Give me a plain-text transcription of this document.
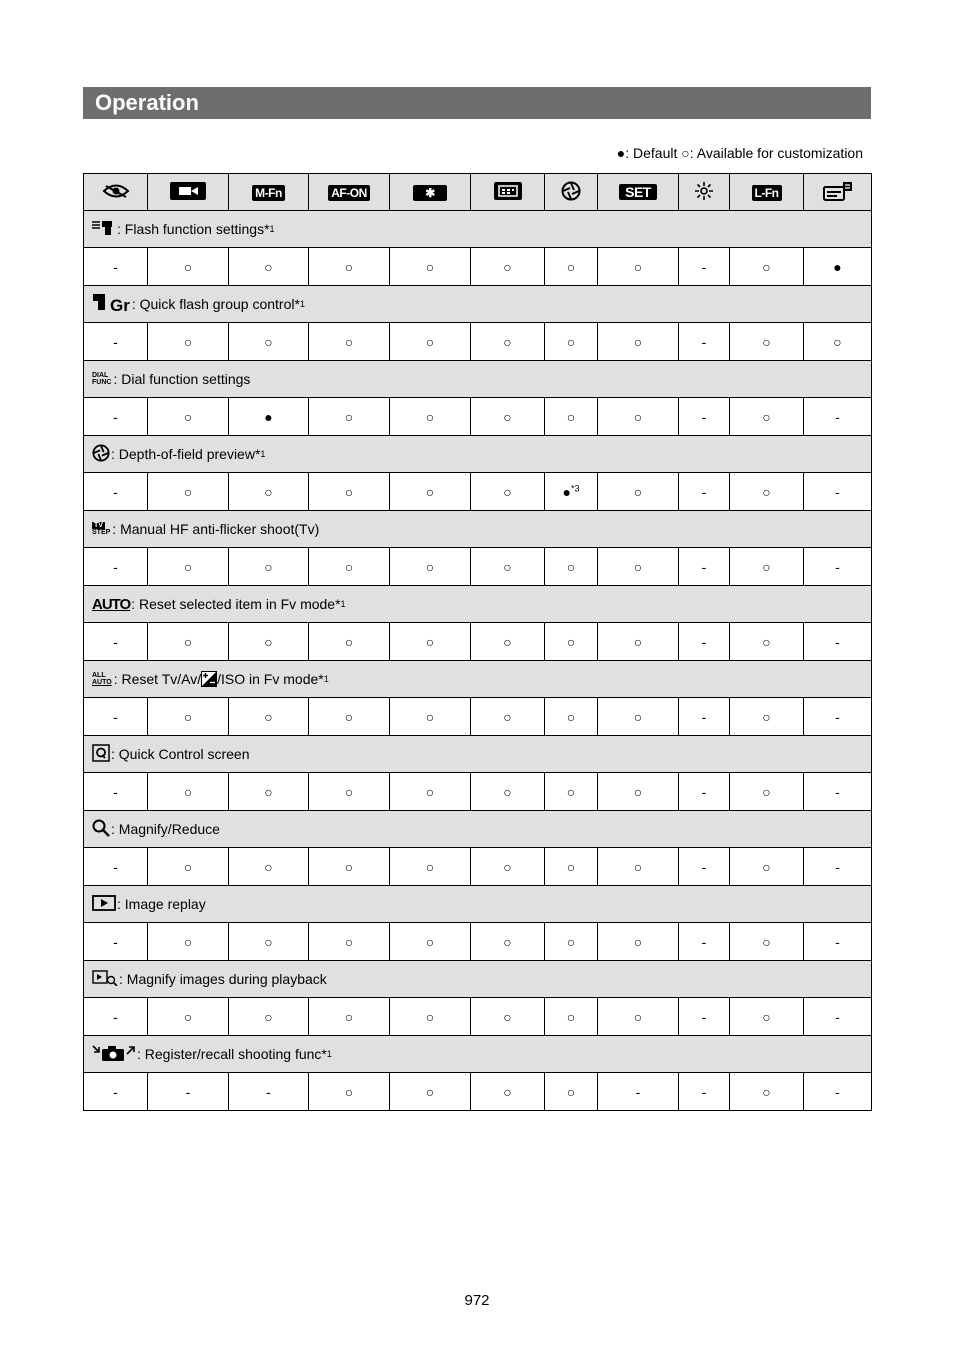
Operation
●: Default ○: Available for customization
		M-Fn	AF-ON	✱			SET		L-Fn	

: Flash function settings* 1										

-	○	○	○	○	○	○	○	-	○	●

Gr : Quick flash group control* 1										

-	○	○	○	○	○	○	○	-	○	○

DIAL
FUNC : Dial function settings										

-	○	●	○	○	○	○	○	-	○	-

: Depth-of-field preview* 1										

-	○	○	○	○	○	●$^{*3}$	○	-	○	-

TV
STEP : Manual HF anti-flicker shoot(Tv)										

-	○	○	○	○	○	○	○	-	○	-

AUTO : Reset selected item in Fv mode* 1										

-	○	○	○	○	○	○	○	-	○	-

ALL
AUTO : Reset Tv/Av/ /ISO in Fv mode* 1										

-	○	○	○	○	○	○	○	-	○	-

: Quick Control screen										

-	○	○	○	○	○	○	○	-	○	-

: Magnify/Reduce										

-	○	○	○	○	○	○	○	-	○	-

: Image replay										

-	○	○	○	○	○	○	○	-	○	-

: Magnify images during playback										

-	○	○	○	○	○	○	○	-	○	-

: Register/recall shooting func* 1										

-	-	-	○	○	○	○	-	-	○	-
972
